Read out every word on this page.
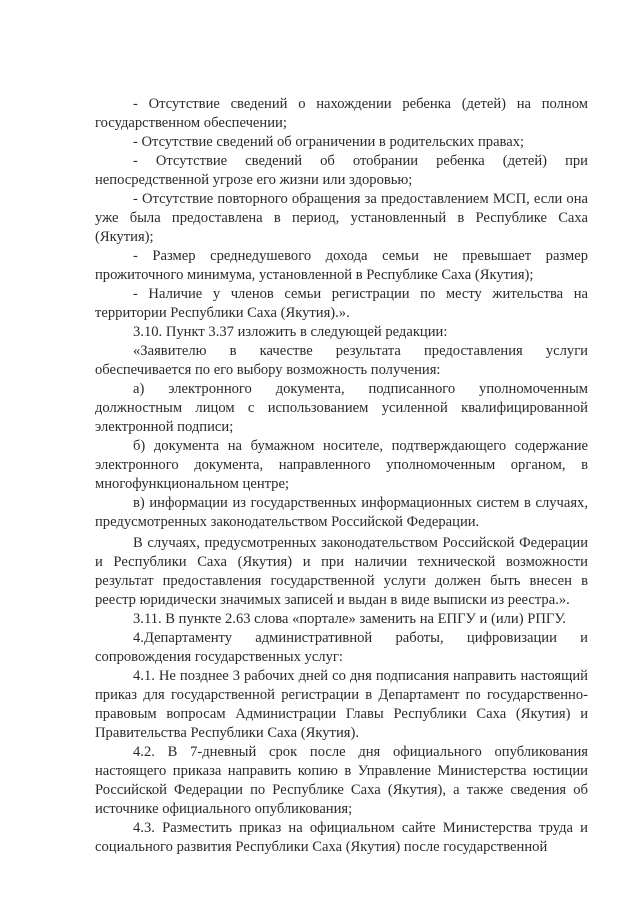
- Отсутствие сведений о нахождении ребенка (детей) на полном государственном обеспечении;

- Отсутствие сведений об ограничении в родительских правах;

- Отсутствие сведений об отобрании ребенка (детей) при непосредственной угрозе его жизни или здоровью;

- Отсутствие повторного обращения за предоставлением МСП, если она уже была предоставлена в период, установленный в Республике Саха (Якутия);

- Размер среднедушевого дохода семьи не превышает размер прожиточного минимума, установленной в Республике Саха (Якутия);

- Наличие у членов семьи регистрации по месту жительства на территории Республики Саха (Якутия).».

3.10. Пункт 3.37 изложить в следующей редакции:

«Заявителю в качестве результата предоставления услуги обеспечивается по его выбору возможность получения:

а) электронного документа, подписанного уполномоченным должностным лицом с использованием усиленной квалифицированной электронной подписи;

б) документа на бумажном носителе, подтверждающего содержание электронного документа, направленного уполномоченным органом, в многофункциональном центре;

в) информации из государственных информационных систем в случаях, предусмотренных законодательством Российской Федерации.

В случаях, предусмотренных законодательством Российской Федерации и Республики Саха (Якутия) и при наличии технической возможности результат предоставления государственной услуги должен быть внесен в реестр юридически значимых записей и выдан в виде выписки из реестра.».

3.11. В пункте 2.63 слова «портале» заменить на ЕПГУ и (или) РПГУ.

4.Департаменту административной работы, цифровизации и сопровождения государственных услуг:

4.1. Не позднее 3 рабочих дней со дня подписания направить настоящий приказ для государственной регистрации в Департамент по государственно-правовым вопросам Администрации Главы Республики Саха (Якутия) и Правительства Республики Саха (Якутия).

4.2. В 7-дневный срок после дня официального опубликования настоящего приказа направить копию в Управление Министерства юстиции Российской Федерации по Республике Саха (Якутия), а также сведения об источнике официального опубликования;

4.3. Разместить приказ на официальном сайте Министерства труда и социального развития Республики Саха (Якутия) после государственной
